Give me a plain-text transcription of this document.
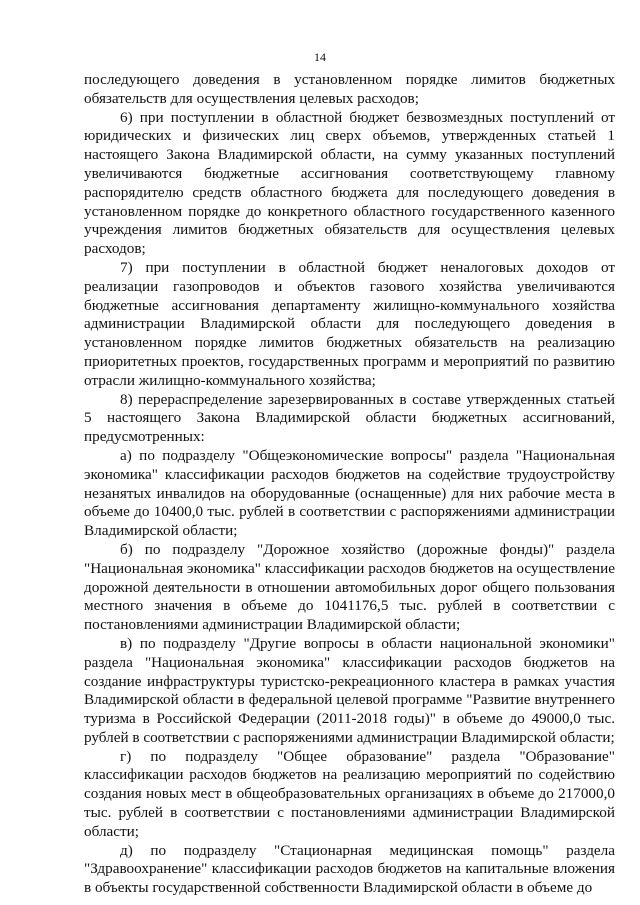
14

последующего доведения в установленном порядке лимитов бюджетных обязательств для осуществления целевых расходов;

6) при поступлении в областной бюджет безвозмездных поступлений от юридических и физических лиц сверх объемов, утвержденных статьей 1 настоящего Закона Владимирской области, на сумму указанных поступлений увеличиваются бюджетные ассигнования соответствующему главному распорядителю средств областного бюджета для последующего доведения в установленном порядке до конкретного областного государственного казенного учреждения лимитов бюджетных обязательств для осуществления целевых расходов;

7) при поступлении в областной бюджет неналоговых доходов от реализации газопроводов и объектов газового хозяйства увеличиваются бюджетные ассигнования департаменту жилищно-коммунального хозяйства администрации Владимирской области для последующего доведения в установленном порядке лимитов бюджетных обязательств на реализацию приоритетных проектов, государственных программ и мероприятий по развитию отрасли жилищно-коммунального хозяйства;

8) перераспределение зарезервированных в составе утвержденных статьей 5 настоящего Закона Владимирской области бюджетных ассигнований, предусмотренных:

а) по подразделу "Общеэкономические вопросы" раздела "Национальная экономика" классификации расходов бюджетов на содействие трудоустройству незанятых инвалидов на оборудованные (оснащенные) для них рабочие места в объеме до 10400,0 тыс. рублей в соответствии с распоряжениями администрации Владимирской области;

б) по подразделу "Дорожное хозяйство (дорожные фонды)" раздела "Национальная экономика" классификации расходов бюджетов на осуществление дорожной деятельности в отношении автомобильных дорог общего пользования местного значения в объеме до 1041176,5 тыс. рублей в соответствии с постановлениями администрации Владимирской области;

в) по подразделу "Другие вопросы в области национальной экономики" раздела "Национальная экономика" классификации расходов бюджетов на создание инфраструктуры туристско-рекреационного кластера в рамках участия Владимирской области в федеральной целевой программе "Развитие внутреннего туризма в Российской Федерации (2011-2018 годы)" в объеме до 49000,0 тыс. рублей в соответствии с распоряжениями администрации Владимирской области;

г) по подразделу "Общее образование" раздела "Образование" классификации расходов бюджетов на реализацию мероприятий по содействию создания новых мест в общеобразовательных организациях в объеме до 217000,0 тыс. рублей в соответствии с постановлениями администрации Владимирской области;

д) по подразделу "Стационарная медицинская помощь" раздела "Здравоохранение" классификации расходов бюджетов на капитальные вложения в объекты государственной собственности Владимирской области в объеме до
